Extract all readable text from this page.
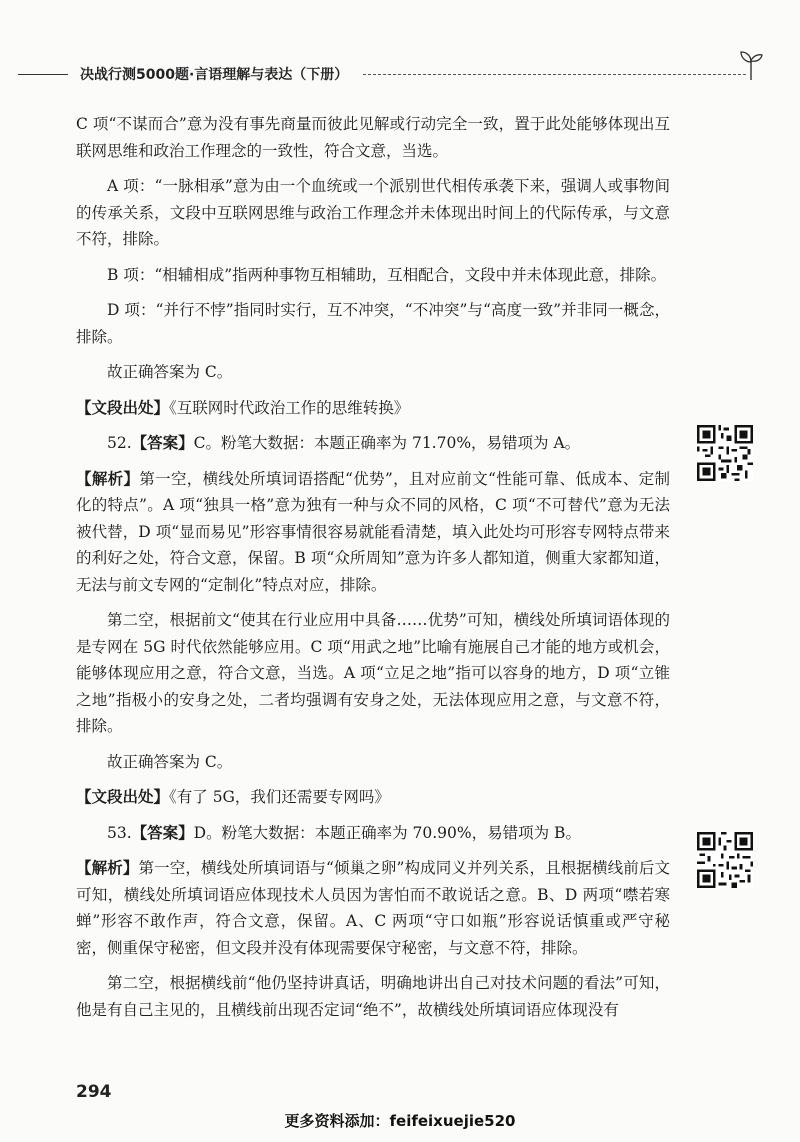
决战行测5000题·言语理解与表达（下册）

C 项“不谋而合”意为没有事先商量而彼此见解或行动完全一致，置于此处能够体现出互联网思维和政治工作理念的一致性，符合文意，当选。

A 项：“一脉相承”意为由一个血统或一个派别世代相传承袭下来，强调人或事物间的传承关系，文段中互联网思维与政治工作理念并未体现出时间上的代际传承，与文意不符，排除。

B 项：“相辅相成”指两种事物互相辅助，互相配合，文段中并未体现此意，排除。

D 项：“并行不悖”指同时实行，互不冲突，“不冲突”与“高度一致”并非同一概念，排除。

故正确答案为 C。

【文段出处】《互联网时代政治工作的思维转换》

52.【答案】C。粉笔大数据：本题正确率为 71.70%，易错项为 A。

【解析】第一空，横线处所填词语搭配“优势”，且对应前文“性能可靠、低成本、定制化的特点”。A 项“独具一格”意为独有一种与众不同的风格，C 项“不可替代”意为无法被代替，D 项“显而易见”形容事情很容易就能看清楚，填入此处均可形容专网特点带来的利好之处，符合文意，保留。B 项“众所周知”意为许多人都知道，侧重大家都知道，无法与前文专网的“定制化”特点对应，排除。

第二空，根据前文“使其在行业应用中具备……优势”可知，横线处所填词语体现的是专网在 5G 时代依然能够应用。C 项“用武之地”比喻有施展自己才能的地方或机会，能够体现应用之意，符合文意，当选。A 项“立足之地”指可以容身的地方，D 项“立锥之地”指极小的安身之处，二者均强调有安身之处，无法体现应用之意，与文意不符，排除。

故正确答案为 C。

【文段出处】《有了 5G，我们还需要专网吗》

53.【答案】D。粉笔大数据：本题正确率为 70.90%，易错项为 B。

【解析】第一空，横线处所填词语与“倾巢之卵”构成同义并列关系，且根据横线前后文可知，横线处所填词语应体现技术人员因为害怕而不敢说话之意。B、D 两项“噤若寒蝉”形容不敢作声，符合文意，保留。A、C 两项“守口如瓶”形容说话慎重或严守秘密，侧重保守秘密，但文段并没有体现需要保守秘密，与文意不符，排除。

第二空，根据横线前“他仍坚持讲真话，明确地讲出自己对技术问题的看法”可知，他是有自己主见的，且横线前出现否定词“绝不”，故横线处所填词语应体现没有

294
更多资料添加：feifeixuejie520
